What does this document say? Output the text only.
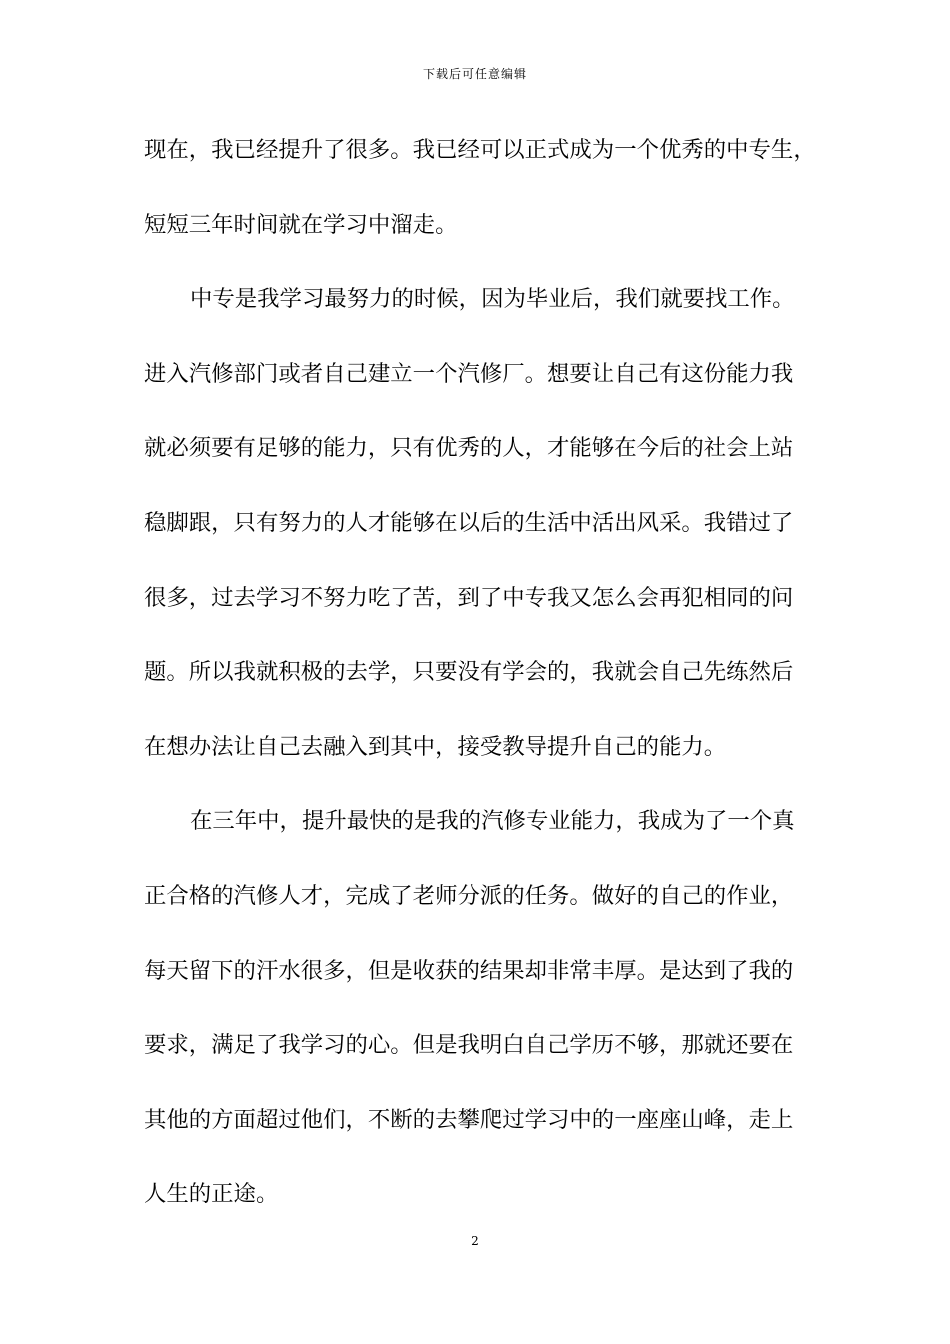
下载后可任意编辑
现在，我已经提升了很多。我已经可以正式成为一个优秀的中专生，
短短三年时间就在学习中溜走。
中专是我学习最努力的时候，因为毕业后，我们就要找工作。
进入汽修部门或者自己建立一个汽修厂。想要让自己有这份能力我
就必须要有足够的能力，只有优秀的人，才能够在今后的社会上站
稳脚跟，只有努力的人才能够在以后的生活中活出风采。我错过了
很多，过去学习不努力吃了苦，到了中专我又怎么会再犯相同的问
题。所以我就积极的去学，只要没有学会的，我就会自己先练然后
在想办法让自己去融入到其中，接受教导提升自己的能力。
在三年中，提升最快的是我的汽修专业能力，我成为了一个真
正合格的汽修人才，完成了老师分派的任务。做好的自己的作业，
每天留下的汗水很多，但是收获的结果却非常丰厚。是达到了我的
要求，满足了我学习的心。但是我明白自己学历不够，那就还要在
其他的方面超过他们，不断的去攀爬过学习中的一座座山峰，走上
人生的正途。
2
